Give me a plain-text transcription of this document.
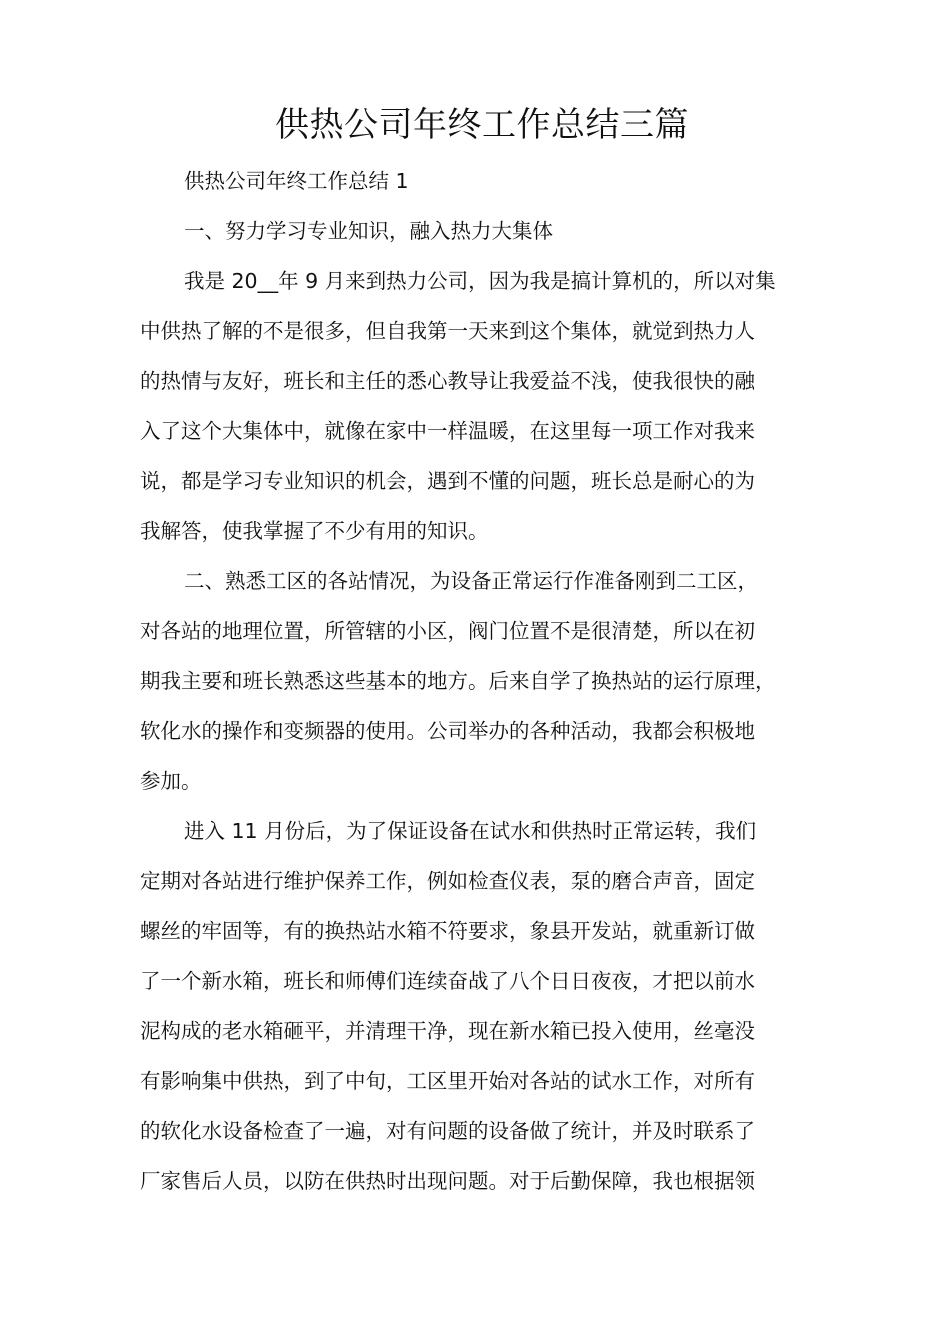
供热公司年终工作总结三篇

供热公司年终工作总结 1

一、努力学习专业知识，融入热力大集体

我是 20__年 9 月来到热力公司，因为我是搞计算机的，所以对集
中供热了解的不是很多，但自我第一天来到这个集体，就觉到热力人
的热情与友好，班长和主任的悉心教导让我爱益不浅，使我很快的融
入了这个大集体中，就像在家中一样温暖，在这里每一项工作对我来
说，都是学习专业知识的机会，遇到不懂的问题，班长总是耐心的为
我解答，使我掌握了不少有用的知识。

二、熟悉工区的各站情况，为设备正常运行作准备刚到二工区，
对各站的地理位置，所管辖的小区，阀门位置不是很清楚，所以在初
期我主要和班长熟悉这些基本的地方。后来自学了换热站的运行原理，
软化水的操作和变频器的使用。公司举办的各种活动，我都会积极地
参加。

进入 11 月份后，为了保证设备在试水和供热时正常运转，我们
定期对各站进行维护保养工作，例如检查仪表，泵的磨合声音，固定
螺丝的牢固等，有的换热站水箱不符要求，象县开发站，就重新订做
了一个新水箱，班长和师傅们连续奋战了八个日日夜夜，才把以前水
泥构成的老水箱砸平，并清理干净，现在新水箱已投入使用，丝毫没
有影响集中供热，到了中旬，工区里开始对各站的试水工作，对所有
的软化水设备检查了一遍，对有问题的设备做了统计，并及时联系了
厂家售后人员，以防在供热时出现问题。对于后勤保障，我也根据领
